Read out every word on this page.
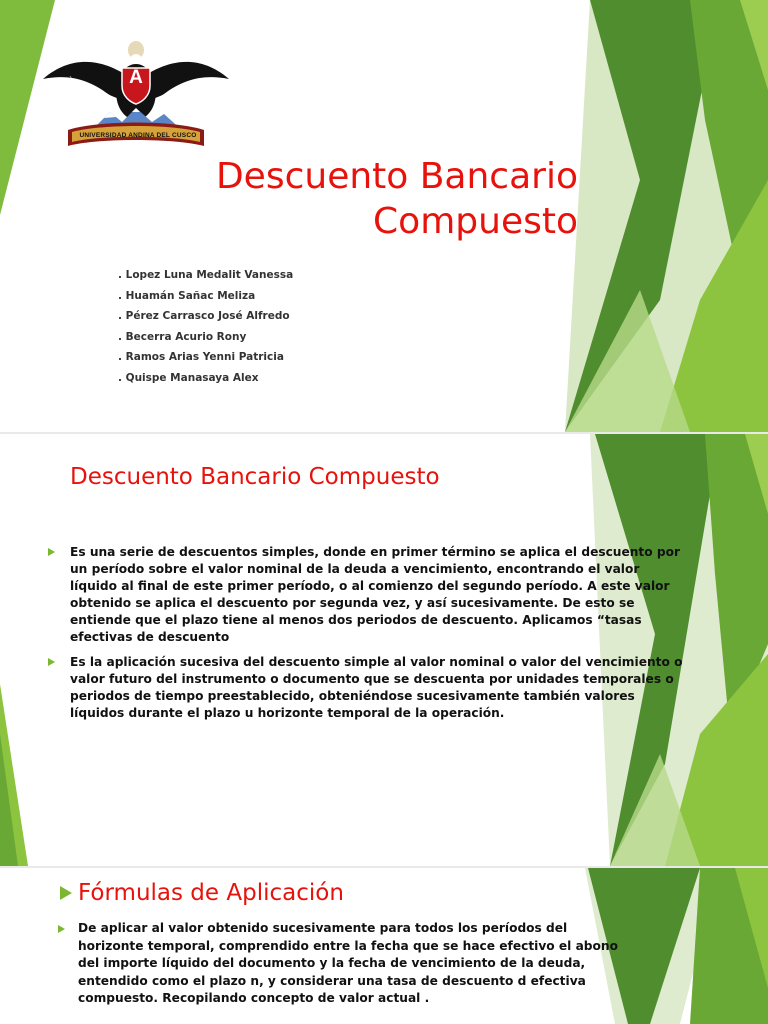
A
UNIVERSIDAD ANDINA DEL CUSCO
Descuento Bancario
Compuesto
. Lopez Luna Medalit Vanessa
. Huamán Sañac Meliza
. Pérez Carrasco José Alfredo
. Becerra Acurio Rony
. Ramos Arias Yenni Patricia
. Quispe Manasaya Alex
Descuento Bancario Compuesto
Es una serie de descuentos simples, donde en primer término se aplica el descuento por un período sobre el valor nominal de la deuda a vencimiento, encontrando el valor líquido al final de este primer período, o al comienzo del segundo período. A este valor obtenido se aplica el descuento por segunda vez, y así sucesivamente. De esto se entiende que el plazo tiene al menos dos periodos de descuento. Aplicamos “tasas efectivas de descuento
Es la aplicación sucesiva del descuento simple al valor nominal o valor del vencimiento o valor futuro del instrumento o documento que se descuenta por unidades temporales o periodos de tiempo preestablecido, obteniéndose sucesivamente también valores líquidos durante el plazo u horizonte temporal de la operación.
Fórmulas de Aplicación
De aplicar al valor obtenido sucesivamente para todos los períodos del horizonte temporal, comprendido entre la fecha que se hace efectivo el abono del importe líquido del documento y la fecha de vencimiento de la deuda, entendido como el plazo n, y considerar una tasa de descuento d efectiva compuesto. Recopilando concepto de valor actual .
